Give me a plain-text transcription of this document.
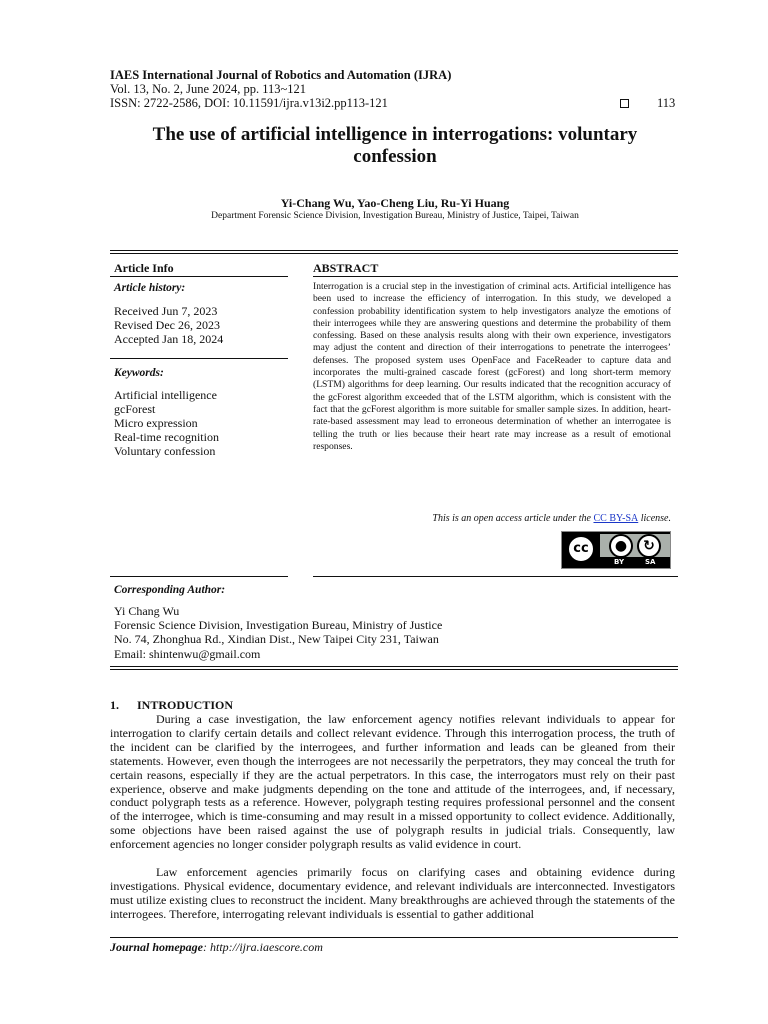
IAES International Journal of Robotics and Automation (IJRA)
Vol. 13, No. 2, June 2024, pp. 113~121
ISSN: 2722-2586, DOI: 10.11591/ijra.v13i2.pp113-121	113
The use of artificial intelligence in interrogations: voluntary confession
Yi-Chang Wu, Yao-Cheng Liu, Ru-Yi Huang
Department Forensic Science Division, Investigation Bureau, Ministry of Justice, Taipei, Taiwan
Article Info	ABSTRACT
Article history:
Received Jun 7, 2023
Revised Dec 26, 2023
Accepted Jan 18, 2024
Keywords:
Artificial intelligence
gcForest
Micro expression
Real-time recognition
Voluntary confession
Interrogation is a crucial step in the investigation of criminal acts. Artificial intelligence has been used to increase the efficiency of interrogation. In this study, we developed a confession probability identification system to help investigators analyze the emotions of their interrogees while they are answering questions and determine the probability of them confessing. Based on these analysis results along with their own experience, investigators may adjust the content and direction of their interrogations to penetrate the interrogees’ defenses. The proposed system uses OpenFace and FaceReader to capture data and incorporates the multi-grained cascade forest (gcForest) and long short-term memory (LSTM) algorithms for deep learning. Our results indicated that the recognition accuracy of the gcForest algorithm exceeded that of the LSTM algorithm, which is consistent with the fact that the gcForest algorithm is more suitable for smaller sample sizes. In addition, heart-rate-based assessment may lead to erroneous determination of whether an interrogatee is telling the truth or lies because their heart rate may increase as a result of emotional responses.
This is an open access article under the CC BY-SA license.
cc	●	↻
BY	SA
Corresponding Author:
Yi Chang Wu
Forensic Science Division, Investigation Bureau, Ministry of Justice
No. 74, Zhonghua Rd., Xindian Dist., New Taipei City 231, Taiwan
Email: shintenwu@gmail.com
1.      INTRODUCTION
During a case investigation, the law enforcement agency notifies relevant individuals to appear for interrogation to clarify certain details and collect relevant evidence. Through this interrogation process, the truth of the incident can be clarified by the interrogees, and further information and leads can be gleaned from their statements. However, even though the interrogees are not necessarily the perpetrators, they may conceal the truth for certain reasons, especially if they are the actual perpetrators. In this case, the interrogators must rely on their past experience, observe and make judgments depending on the tone and attitude of the interrogees, and, if necessary, conduct polygraph tests as a reference. However, polygraph testing requires professional personnel and the consent of the interrogee, which is time-consuming and may result in a missed opportunity to collect evidence. Additionally, some objections have been raised against the use of polygraph results in judicial trials. Consequently, law enforcement agencies no longer consider polygraph results as valid evidence in court.
Law enforcement agencies primarily focus on clarifying cases and obtaining evidence during investigations. Physical evidence, documentary evidence, and relevant individuals are interconnected. Investigators must utilize existing clues to reconstruct the incident. Many breakthroughs are achieved through the statements of the interrogees. Therefore, interrogating relevant individuals is essential to gather additional
Journal homepage: http://ijra.iaescore.com
